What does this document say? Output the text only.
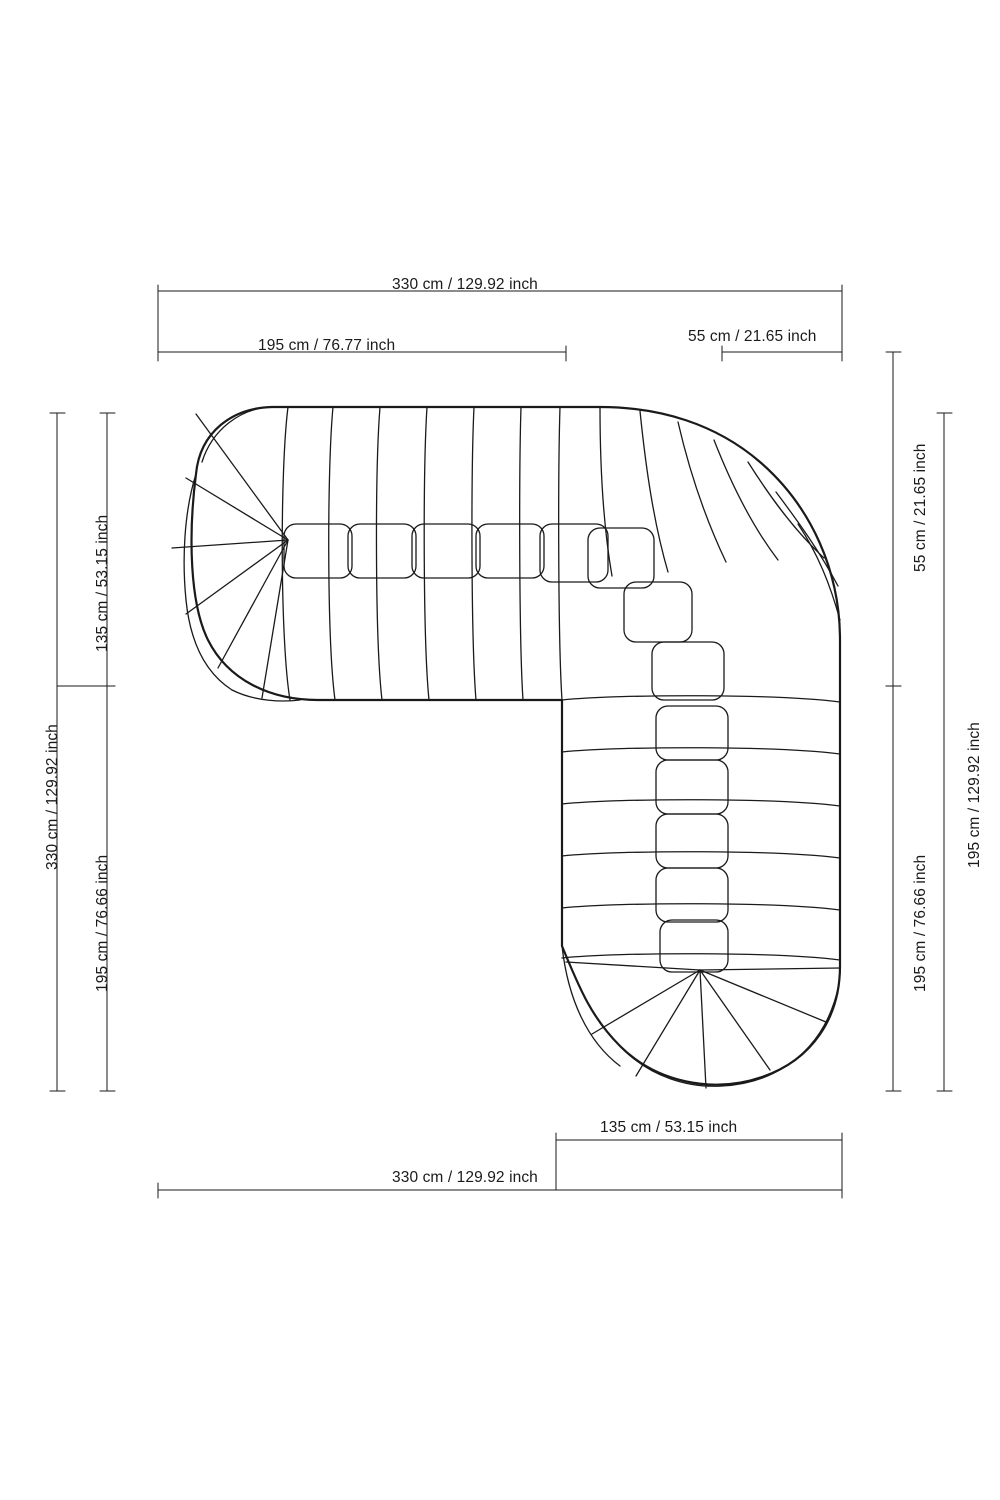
330 cm / 129.92 inch
195 cm / 76.77 inch
55 cm / 21.65 inch
330 cm / 129.92 inch
135 cm / 53.15 inch
195 cm / 76.66 inch
195 cm / 129.92 inch
55 cm / 21.65 inch
195 cm / 76.66 inch
135 cm / 53.15 inch
330 cm / 129.92 inch
